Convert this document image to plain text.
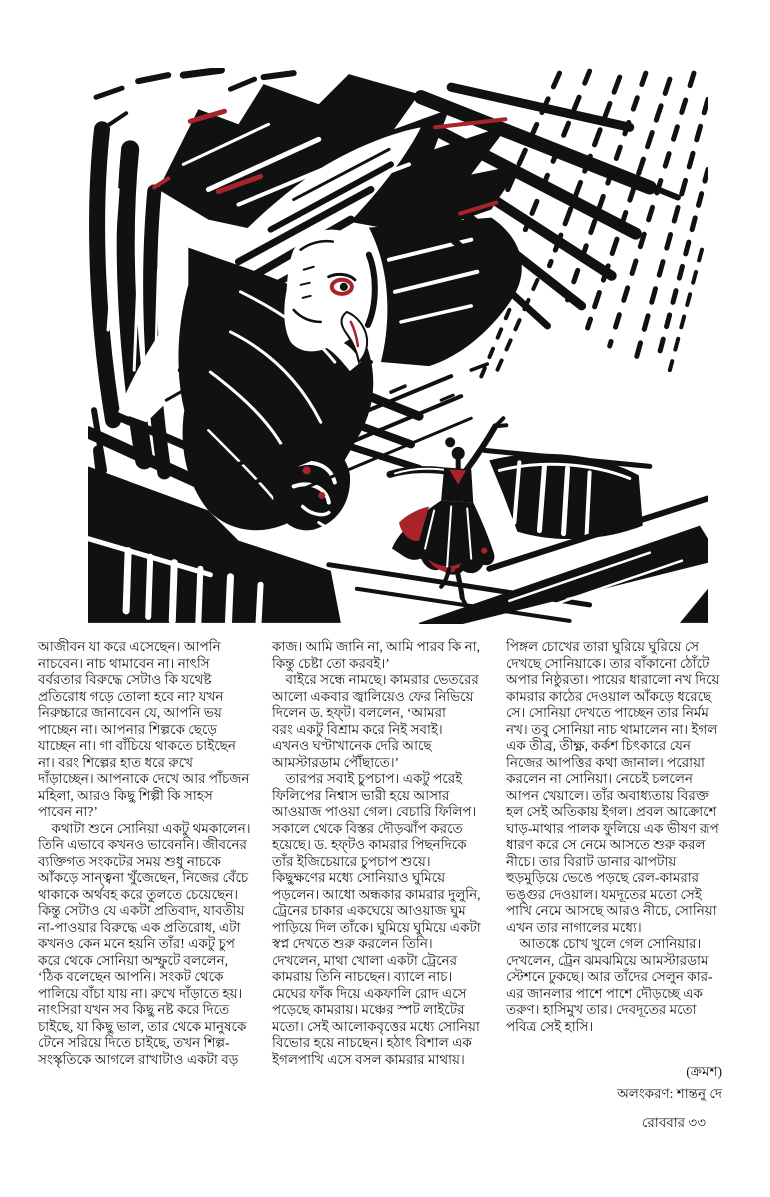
আজীবন যা করে এসেছেন। আপনি
নাচবেন। নাচ থামাবেন না। নাৎসি
বর্বরতার বিরুদ্ধে সেটাও কি যথেষ্ট
প্রতিরোধ গড়ে তোলা হবে না? যখন
নিরুচ্চারে জানাবেন যে, আপনি ভয়
পাচ্ছেন না। আপনার শিল্পকে ছেড়ে
যাচ্ছেন না। গা বাঁচিয়ে থাকতে চাইছেন
না। বরং শিল্পের হাত ধরে রুখে
দাঁড়াচ্ছেন। আপনাকে দেখে আর পাঁচজন
মহিলা, আরও কিছু শিল্পী কি সাহস
পাবেন না?’
 কথাটা শুনে সোনিয়া একটু থমকালেন।
তিনি এভাবে কখনও ভাবেননি। জীবনের
ব্যক্তিগত সংকটের সময় শুধু নাচকে
আঁকড়ে সান্ত্বনা খুঁজেছেন, নিজের বেঁচে
থাকাকে অর্থবহ করে তুলতে চেয়েছেন।
কিন্তু সেটাও যে একটা প্রতিবাদ, যাবতীয়
না-পাওয়ার বিরুদ্ধে এক প্রতিরোধ, এটা
কখনও কেন মনে হয়নি তাঁর! একটু চুপ
করে থেকে সোনিয়া অস্ফুটে বললেন,
‘ঠিক বলেছেন আপনি। সংকট থেকে
পালিয়ে বাঁচা যায় না। রুখে দাঁড়াতে হয়।
নাৎসিরা যখন সব কিছু নষ্ট করে দিতে
চাইছে, যা কিছু ভাল, তার থেকে মানুষকে
টেনে সরিয়ে দিতে চাইছে, তখন শিল্প-
সংস্কৃতিকে আগলে রাখাটাও একটা বড়
কাজ। আমি জানি না, আমি পারব কি না,
কিন্তু চেষ্টা তো করবই।’
 বাইরে সন্ধে নামছে। কামরার ভেতরের
আলো একবার জ্বালিয়েও ফের নিভিয়ে
দিলেন ড. হফ্‌ট। বললেন, ‘আমরা
বরং একটু বিশ্রাম করে নিই সবাই।
এখনও ঘণ্টাখানেক দেরি আছে
আমস্টারডাম পৌঁছাতে।’
 তারপর সবাই চুপচাপ। একটু পরেই
ফিলিপের নিশ্বাস ভারী হয়ে আসার
আওয়াজ পাওয়া গেল। বেচারি ফিলিপ।
সকালে থেকে বিস্তর দৌড়ঝাঁপ করতে
হয়েছে। ড. হফ্‌টও কামরার পিছনদিকে
তাঁর ইজিচেয়ারে চুপচাপ শুয়ে।
কিছুক্ষণের মধ্যে সোনিয়াও ঘুমিয়ে
পড়লেন। আধো অন্ধকার কামরার দুলুনি,
ট্রেনের চাকার একঘেয়ে আওয়াজ ঘুম
পাড়িয়ে দিল তাঁকে। ঘুমিয়ে ঘুমিয়ে একটা
স্বপ্ন দেখতে শুরু করলেন তিনি।
দেখলেন, মাথা খোলা একটা ট্রেনের
কামরায় তিনি নাচছেন। ব্যালে নাচ।
মেঘের ফাঁক দিয়ে একফালি রোদ এসে
পড়েছে কামরায়। মঞ্চের স্পট লাইটের
মতো। সেই আলোকবৃত্তের মধ্যে সোনিয়া
বিভোর হয়ে নাচছেন। হঠাৎ বিশাল এক
ইগলপাখি এসে বসল কামরার মাথায়।
পিঙ্গল চোখের তারা ঘুরিয়ে ঘুরিয়ে সে
দেখছে সোনিয়াকে। তার বাঁকানো ঠোঁটে
অপার নিষ্ঠুরতা। পায়ের ধারালো নখ দিয়ে
কামরার কাঠের দেওয়াল আঁকড়ে ধরেছে
সে। সোনিয়া দেখতে পাচ্ছেন তার নির্মম
নখ। তবু সোনিয়া নাচ থামালেন না। ইগল
এক তীব্র, তীক্ষ্ণ, কর্কশ চিৎকারে যেন
নিজের আপত্তির কথা জানাল। পরোয়া
করলেন না সোনিয়া। নেচেই চললেন
আপন খেয়ালে। তাঁর অবাধ্যতায় বিরক্ত
হল সেই অতিকায় ইগল। প্রবল আক্রোশে
ঘাড়-মাথার পালক ফুলিয়ে এক ভীষণ রূপ
ধারণ করে সে নেমে আসতে শুরু করল
নীচে। তার বিরাট ডানার ঝাপটায়
হুড়মুড়িয়ে ভেঙে পড়ছে রেল-কামরার
ভঙ্গুর দেওয়াল। যমদূতের মতো সেই
পাখি নেমে আসছে আরও নীচে, সোনিয়া
এখন তার নাগালের মধ্যে।
 আতঙ্কে চোখ খুলে গেল সোনিয়ার।
দেখলেন, ট্রেন ঝমঝমিয়ে আমস্টারডাম
স্টেশনে ঢুকছে। আর তাঁদের সেলুন কার-
এর জানলার পাশে পাশে দৌড়চ্ছে এক
তরুণ। হাসিমুখ তার। দেবদূতের মতো
পবিত্র সেই হাসি।
(ক্রমশ)
অলংকরণ: শান্তনু দে
রোববার ৩৩
